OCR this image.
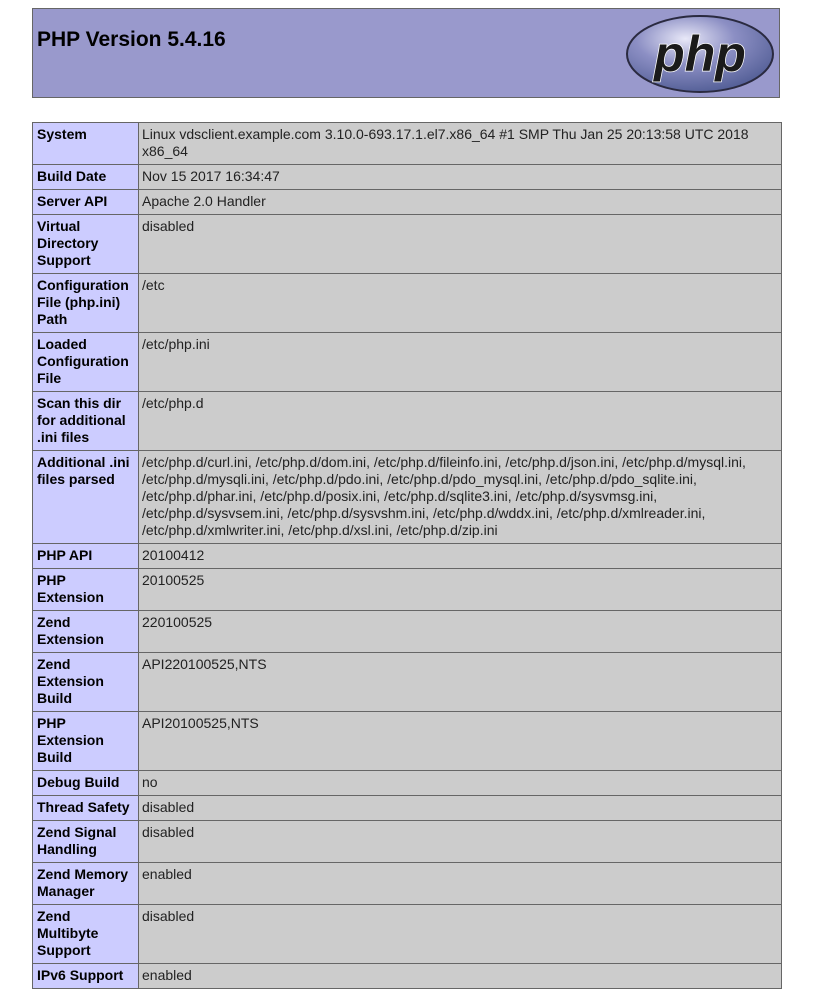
PHP Version 5.4.16	php
System	Linux vdsclient.example.com 3.10.0-693.17.1.el7.x86_64 #1 SMP Thu Jan 25 20:13:58 UTC 2018 x86_64
Build Date	Nov 15 2017 16:34:47
Server API	Apache 2.0 Handler
Virtual Directory Support	disabled
Configuration File (php.ini) Path	/etc
Loaded Configuration File	/etc/php.ini
Scan this dir for additional .ini files	/etc/php.d
Additional .ini files parsed	/etc/php.d/curl.ini, /etc/php.d/dom.ini, /etc/php.d/fileinfo.ini, /etc/php.d/json.ini, /etc/php.d/mysql.ini, /etc/php.d/mysqli.ini, /etc/php.d/pdo.ini, /etc/php.d/pdo_mysql.ini, /etc/php.d/pdo_sqlite.ini, /etc/php.d/phar.ini, /etc/php.d/posix.ini, /etc/php.d/sqlite3.ini, /etc/php.d/sysvmsg.ini, /etc/php.d/sysvsem.ini, /etc/php.d/sysvshm.ini, /etc/php.d/wddx.ini, /etc/php.d/xmlreader.ini, /etc/php.d/xmlwriter.ini, /etc/php.d/xsl.ini, /etc/php.d/zip.ini
PHP API	20100412
PHP Extension	20100525
Zend Extension	220100525
Zend Extension Build	API220100525,NTS
PHP Extension Build	API20100525,NTS
Debug Build	no
Thread Safety	disabled
Zend Signal Handling	disabled
Zend Memory Manager	enabled
Zend Multibyte Support	disabled
IPv6 Support	enabled
